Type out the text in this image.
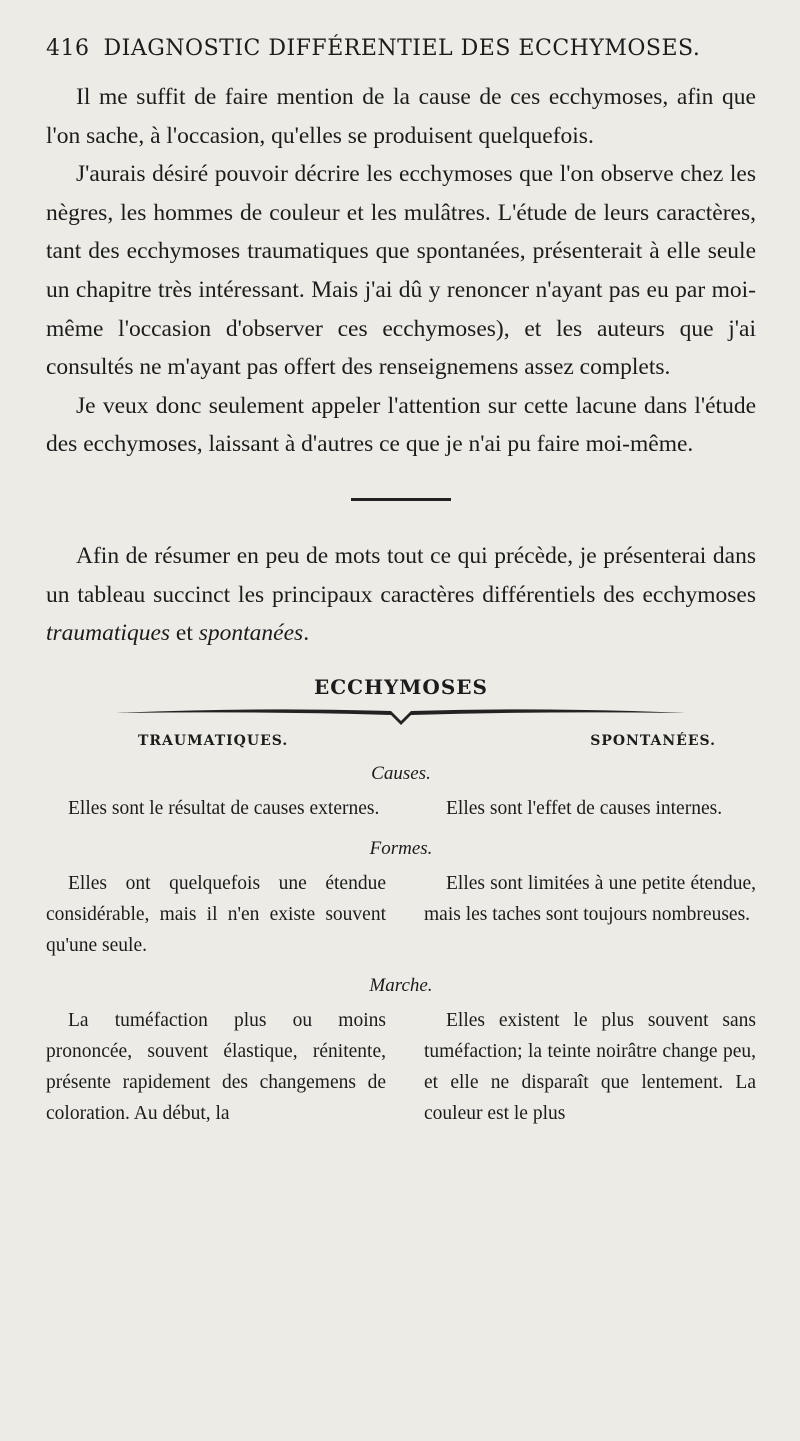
416 DIAGNOSTIC DIFFÉRENTIEL DES ECCHYMOSES.

Il me suffit de faire mention de la cause de ces ecchymoses, afin que l'on sache, à l'occasion, qu'elles se produisent quelquefois.

J'aurais désiré pouvoir décrire les ecchymoses que l'on observe chez les nègres, les hommes de couleur et les mulâtres. L'étude de leurs caractères, tant des ecchymoses traumatiques que spontanées, présenterait à elle seule un chapitre très intéressant. Mais j'ai dû y renoncer n'ayant pas eu par moi-même l'occasion d'observer ces ecchymoses), et les auteurs que j'ai consultés ne m'ayant pas offert des renseignemens assez complets.

Je veux donc seulement appeler l'attention sur cette lacune dans l'étude des ecchymoses, laissant à d'autres ce que je n'ai pu faire moi-même.

Afin de résumer en peu de mots tout ce qui précède, je présenterai dans un tableau succinct les principaux caractères différentiels des ecchymoses traumatiques et spontanées.

ECCHYMOSES
TRAUMATIQUES.	SPONTANÉES.
Causes.
Elles sont le résultat de causes externes.	Elles sont l'effet de causes internes.
Formes.
Elles ont quelquefois une étendue considérable, mais il n'en existe souvent qu'une seule.
Elles sont limitées à une petite étendue, mais les taches sont toujours nombreuses.
Marche.
La tuméfaction plus ou moins prononcée, souvent élastique, rénitente, présente rapidement des changemens de coloration. Au début, la
Elles existent le plus souvent sans tuméfaction; la teinte noirâtre change peu, et elle ne disparaît que lentement. La couleur est le plus
